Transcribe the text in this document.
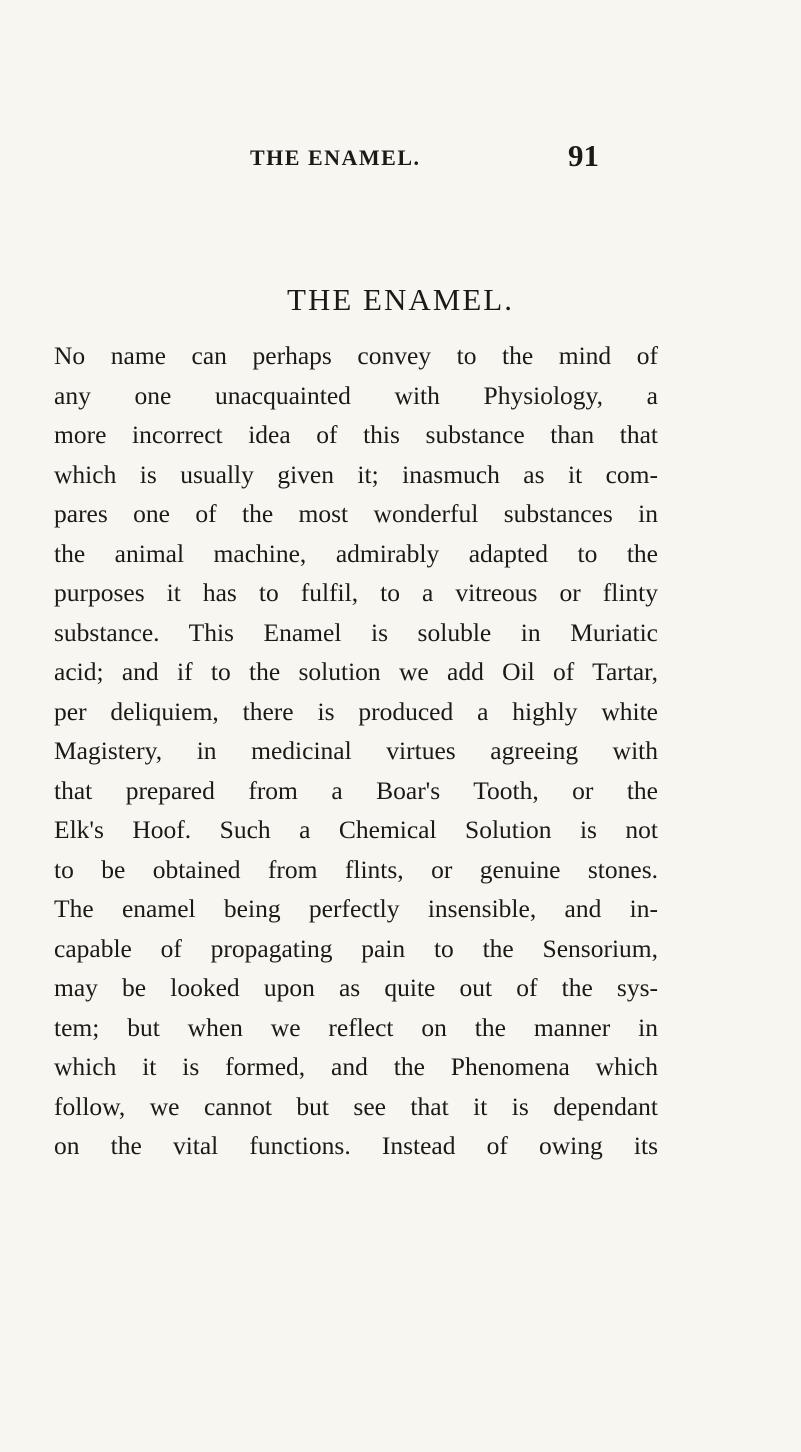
THE ENAMEL.	91
THE ENAMEL.
No name can perhaps convey to the mind of
any one unacquainted with Physiology, a
more incorrect idea of this substance than that
which is usually given it; inasmuch as it com-
pares one of the most wonderful substances in
the animal machine, admirably adapted to the
purposes it has to fulfil, to a vitreous or flinty
substance. This Enamel is soluble in Muriatic
acid; and if to the solution we add Oil of Tartar,
per deliquiem, there is produced a highly white
Magistery, in medicinal virtues agreeing with
that prepared from a Boar's Tooth, or the
Elk's Hoof. Such a Chemical Solution is not
to be obtained from flints, or genuine stones.
The enamel being perfectly insensible, and in-
capable of propagating pain to the Sensorium,
may be looked upon as quite out of the sys-
tem; but when we reflect on the manner in
which it is formed, and the Phenomena which
follow, we cannot but see that it is dependant
on the vital functions. Instead of owing its
